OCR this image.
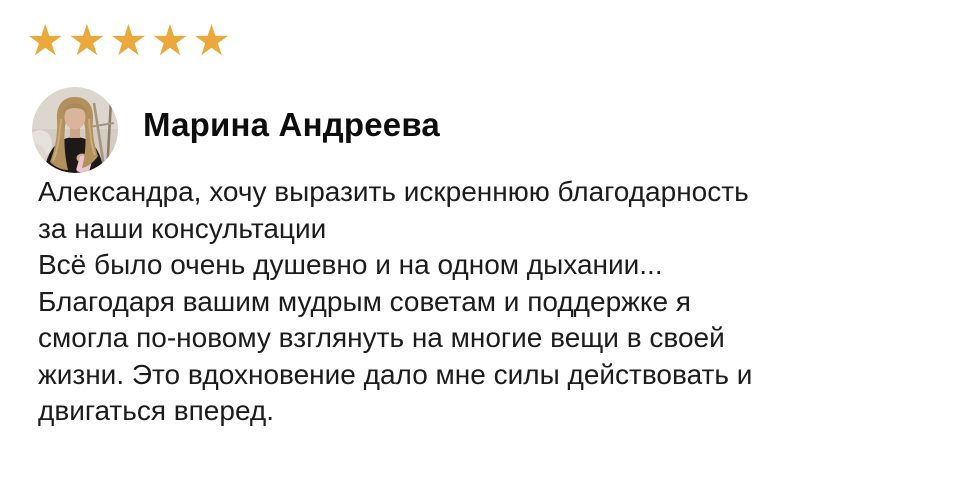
★★★★★
Марина Андреева
Александра, хочу выразить искреннюю благодарность
за наши консультации
Всё было очень душевно и на одном дыхании...
Благодаря вашим мудрым советам и поддержке я
смогла по-новому взглянуть на многие вещи в своей
жизни. Это вдохновение дало мне силы действовать и
двигаться вперед.
